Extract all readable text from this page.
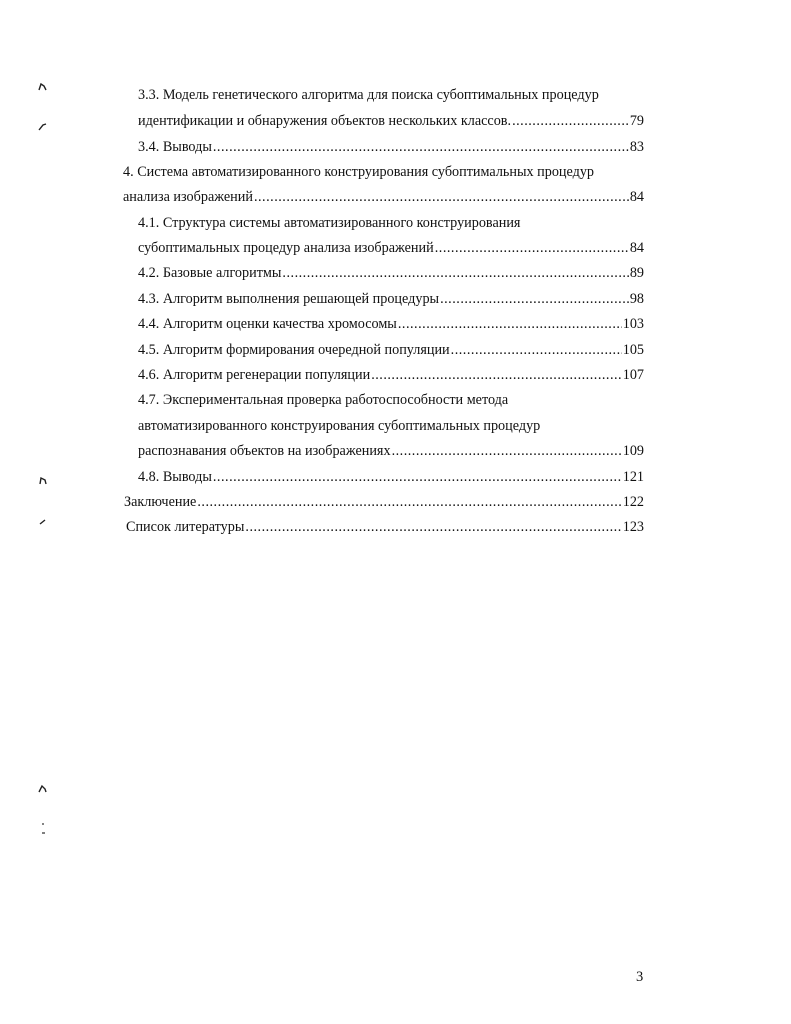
3.3. Модель генетического алгоритма для поиска субоптимальных процедур
идентификации и обнаружения объектов нескольких классов. .....	79
3.4. Выводы .....	83
4. Система автоматизированного конструирования субоптимальных процедур
анализа изображений .....	84
4.1. Структура системы автоматизированного конструирования
субоптимальных процедур анализа изображений .....	84
4.2. Базовые алгоритмы .....	89
4.3. Алгоритм выполнения решающей процедуры .....	98
4.4. Алгоритм оценки качества хромосомы .....	103
4.5. Алгоритм формирования очередной популяции .....	105
4.6. Алгоритм регенерации популяции .....	107
4.7. Экспериментальная проверка работоспособности метода
автоматизированного конструирования субоптимальных процедур
распознавания объектов на изображениях .....	109
4.8. Выводы .....	121
Заключение .....	122
Список литературы .....	123
3
